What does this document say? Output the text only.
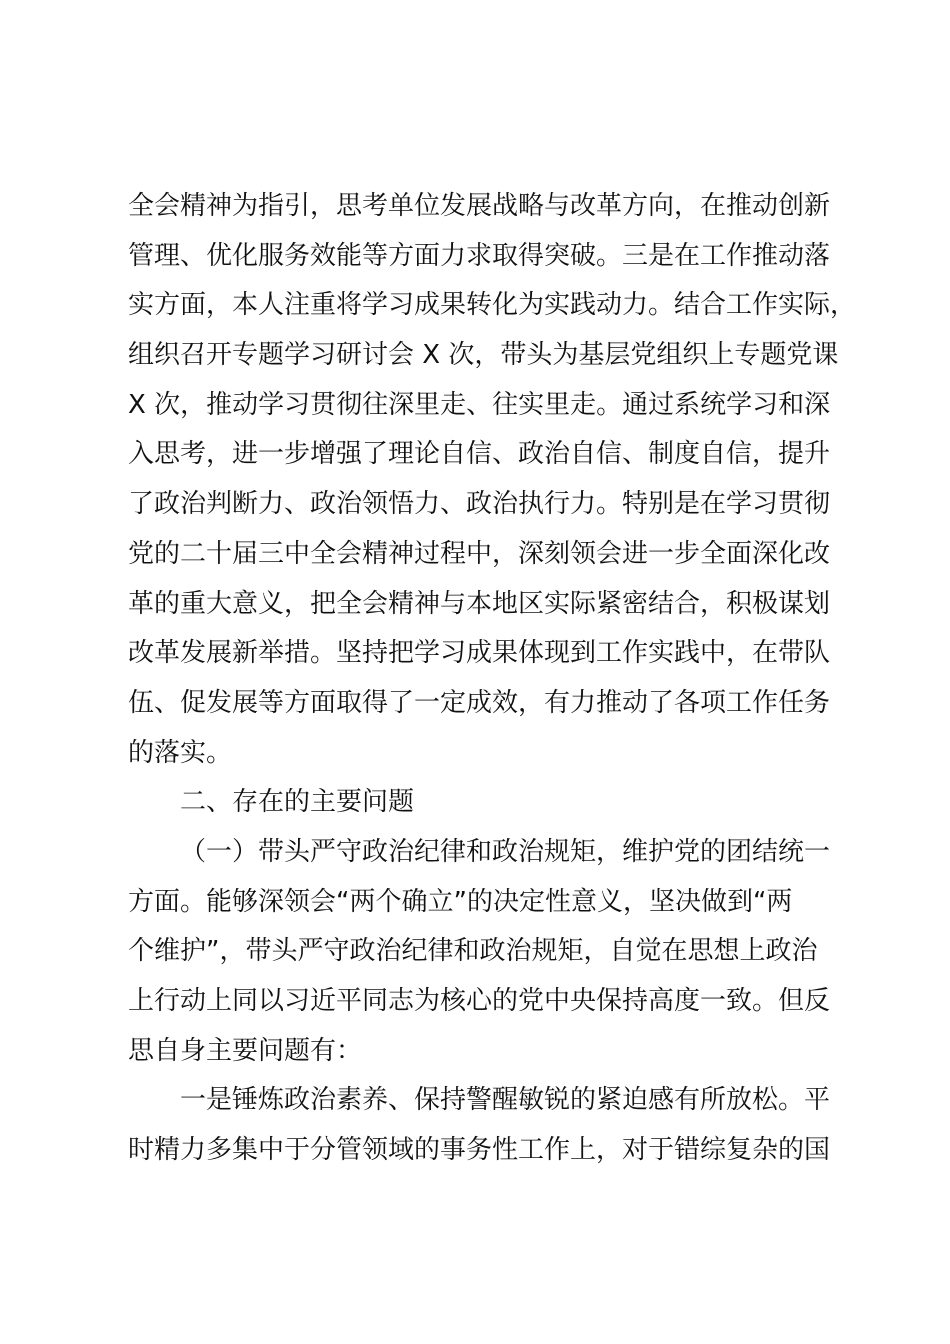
全会精神为指引，思考单位发展战略与改革方向，在推动创新
管理、优化服务效能等方面力求取得突破。三是在工作推动落
实方面，本人注重将学习成果转化为实践动力。结合工作实际，
组织召开专题学习研讨会 X 次，带头为基层党组织上专题党课
X 次，推动学习贯彻往深里走、往实里走。通过系统学习和深
入思考，进一步增强了理论自信、政治自信、制度自信，提升
了政治判断力、政治领悟力、政治执行力。特别是在学习贯彻
党的二十届三中全会精神过程中，深刻领会进一步全面深化改
革的重大意义，把全会精神与本地区实际紧密结合，积极谋划
改革发展新举措。坚持把学习成果体现到工作实践中，在带队
伍、促发展等方面取得了一定成效，有力推动了各项工作任务
的落实。
二、存在的主要问题
（一）带头严守政治纪律和政治规矩，维护党的团结统一
方面。能够深领会“两个确立”的决定性意义，坚决做到“两
个维护”，带头严守政治纪律和政治规矩，自觉在思想上政治
上行动上同以习近平同志为核心的党中央保持高度一致。但反
思自身主要问题有：
一是锤炼政治素养、保持警醒敏锐的紧迫感有所放松。平
时精力多集中于分管领域的事务性工作上，对于错综复杂的国
